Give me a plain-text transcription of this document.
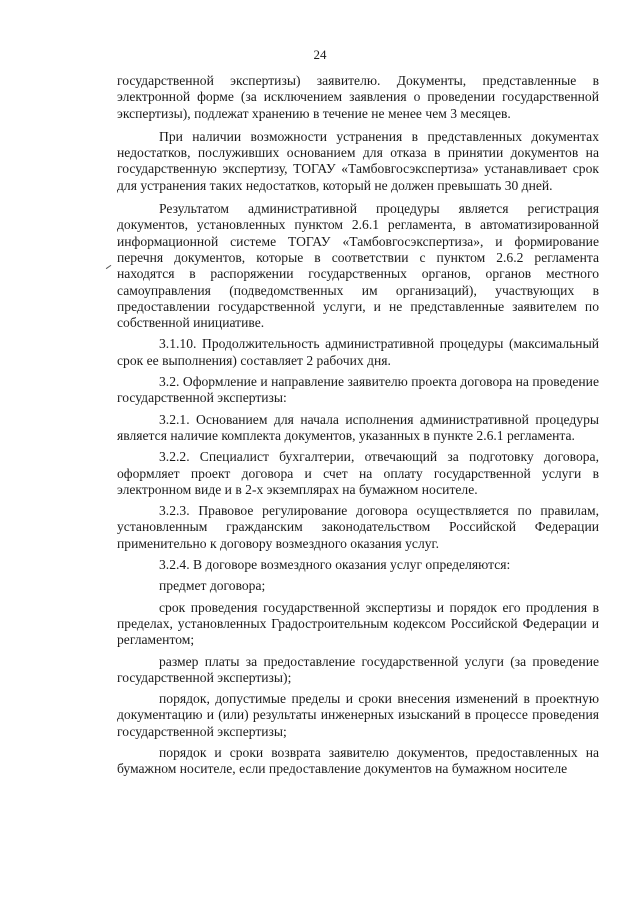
24

государственной экспертизы) заявителю. Документы, представленные в электронной форме (за исключением заявления о проведении государственной экспертизы), подлежат хранению в течение не менее чем 3 месяцев.

При наличии возможности устранения в представленных документах недостатков, послуживших основанием для отказа в принятии документов на государственную экспертизу, ТОГАУ «Тамбовгосэкспертиза» устанавливает срок для устранения таких недостатков, который не должен превышать 30 дней.

Результатом административной процедуры является регистрация документов, установленных пунктом 2.6.1 регламента, в автоматизированной информационной системе ТОГАУ «Тамбовгосэкспертиза», и формирование перечня документов, которые в соответствии с пунктом 2.6.2 регламента находятся в распоряжении государственных органов, органов местного самоуправления (подведомственных им организаций), участвующих в предоставлении государственной услуги, и не представленные заявителем по собственной инициативе.

3.1.10. Продолжительность административной процедуры (максимальный срок ее выполнения) составляет 2 рабочих дня.

3.2. Оформление и направление заявителю проекта договора на проведение государственной экспертизы:

3.2.1. Основанием для начала исполнения административной процедуры является наличие комплекта документов, указанных в пункте 2.6.1 регламента.

3.2.2. Специалист бухгалтерии, отвечающий за подготовку договора, оформляет проект договора и счет на оплату государственной услуги в электронном виде и в 2-х экземплярах на бумажном носителе.

3.2.3. Правовое регулирование договора осуществляется по правилам, установленным гражданским законодательством Российской Федерации применительно к договору возмездного оказания услуг.

3.2.4. В договоре возмездного оказания услуг определяются:

предмет договора;

срок проведения государственной экспертизы и порядок его продления в пределах, установленных Градостроительным кодексом Российской Федерации и регламентом;

размер платы за предоставление государственной услуги (за проведение государственной экспертизы);

порядок, допустимые пределы и сроки внесения изменений в проектную документацию и (или) результаты инженерных изысканий в процессе проведения государственной экспертизы;

порядок и сроки возврата заявителю документов, предоставленных на бумажном носителе, если предоставление документов на бумажном носителе
